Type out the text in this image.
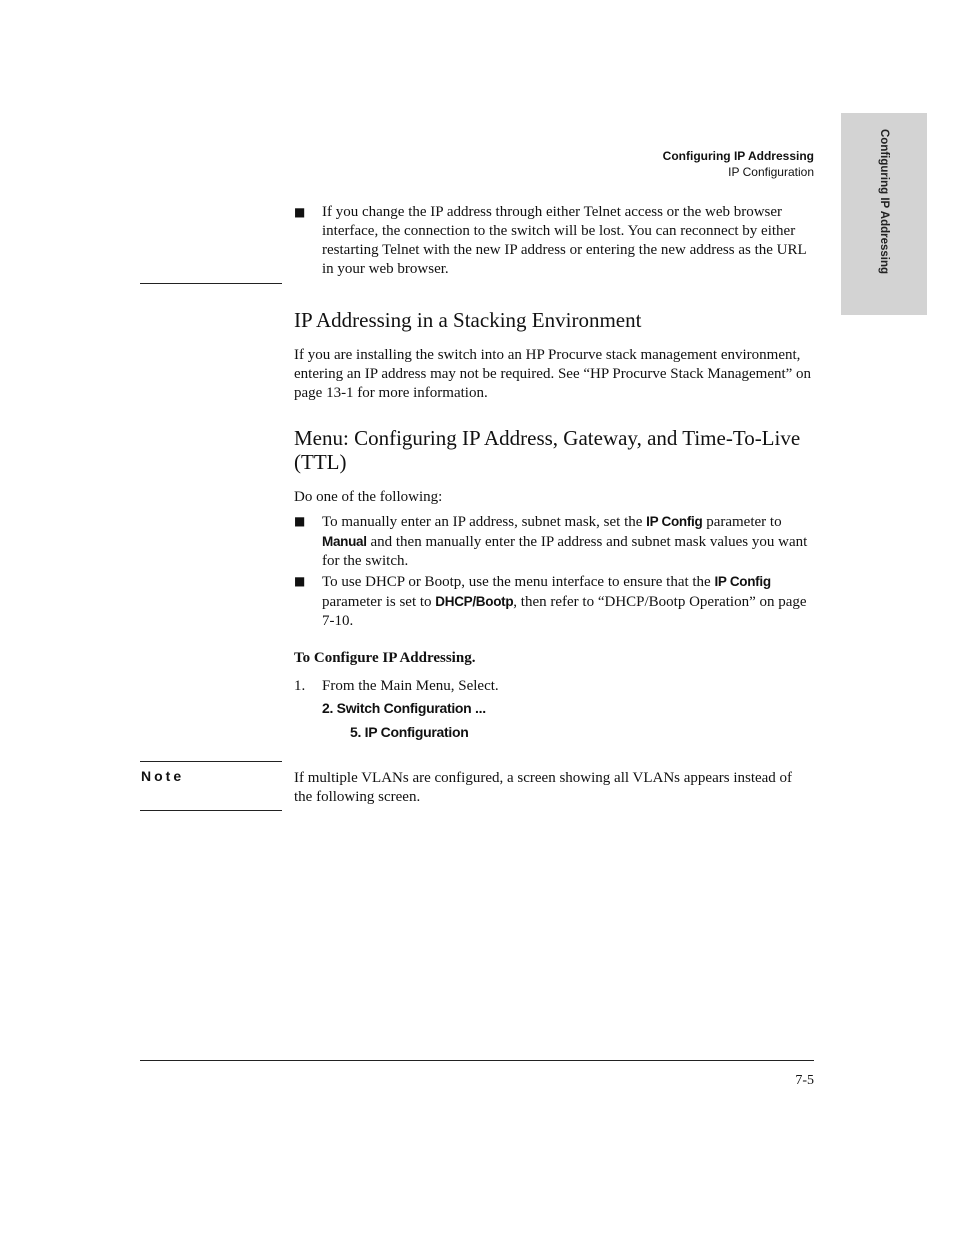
Configuring IP Addressing
Configuring IP Addressing
IP Configuration
■ If you change the IP address through either Telnet access or the web browser interface, the connection to the switch will be lost. You can reconnect by either restarting Telnet with the new IP address or entering the new address as the URL in your web browser.
IP Addressing in a Stacking Environment

If you are installing the switch into an HP Procurve stack management environment, entering an IP address may not be required. See “HP Procurve Stack Management” on page 13-1 for more information.

Menu: Configuring IP Address, Gateway, and Time-To-Live (TTL)

Do one of the following:

■ To manually enter an IP address, subnet mask, set the IP Config parameter to Manual and then manually enter the IP address and subnet mask values you want for the switch.
■ To use DHCP or Bootp, use the menu interface to ensure that the IP Config parameter is set to DHCP/Bootp, then refer to “DHCP/Bootp Operation” on page 7-10.

To Configure IP Addressing.

1. From the Main Menu, Select.
2. Switch Configuration ...
5. IP Configuration
Note	If multiple VLANs are configured, a screen showing all VLANs appears instead of the following screen.

7-5
